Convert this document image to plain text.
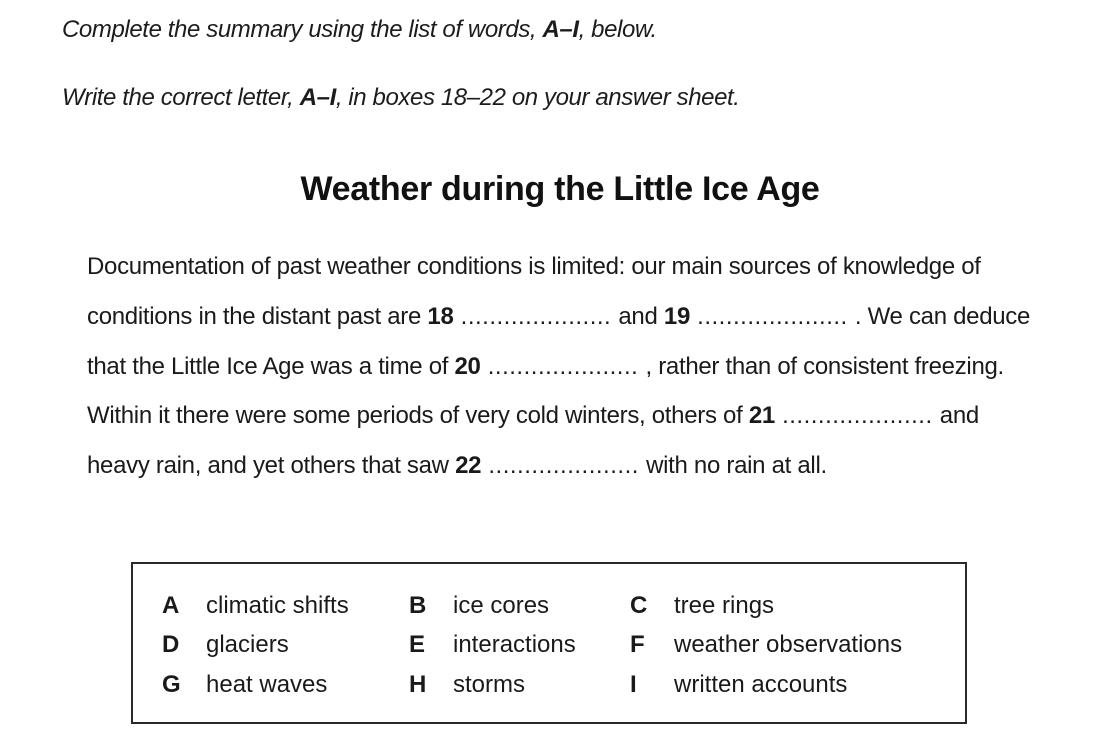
Complete the summary using the list of words, A–I, below.
Write the correct letter, A–I, in boxes 18–22 on your answer sheet.
Weather during the Little Ice Age
Documentation of past weather conditions is limited: our main sources of knowledge of conditions in the distant past are 18 ..................... and 19 ..................... . We can deduce that the Little Ice Age was a time of 20 ..................... , rather than of consistent freezing. Within it there were some periods of very cold winters, others of 21 ..................... and heavy rain, and yet others that saw 22 ..................... with no rain at all.
A climatic shifts	B ice cores	C tree rings
D glaciers	E interactions F weather observations
G heat waves	H storms	I written accounts
